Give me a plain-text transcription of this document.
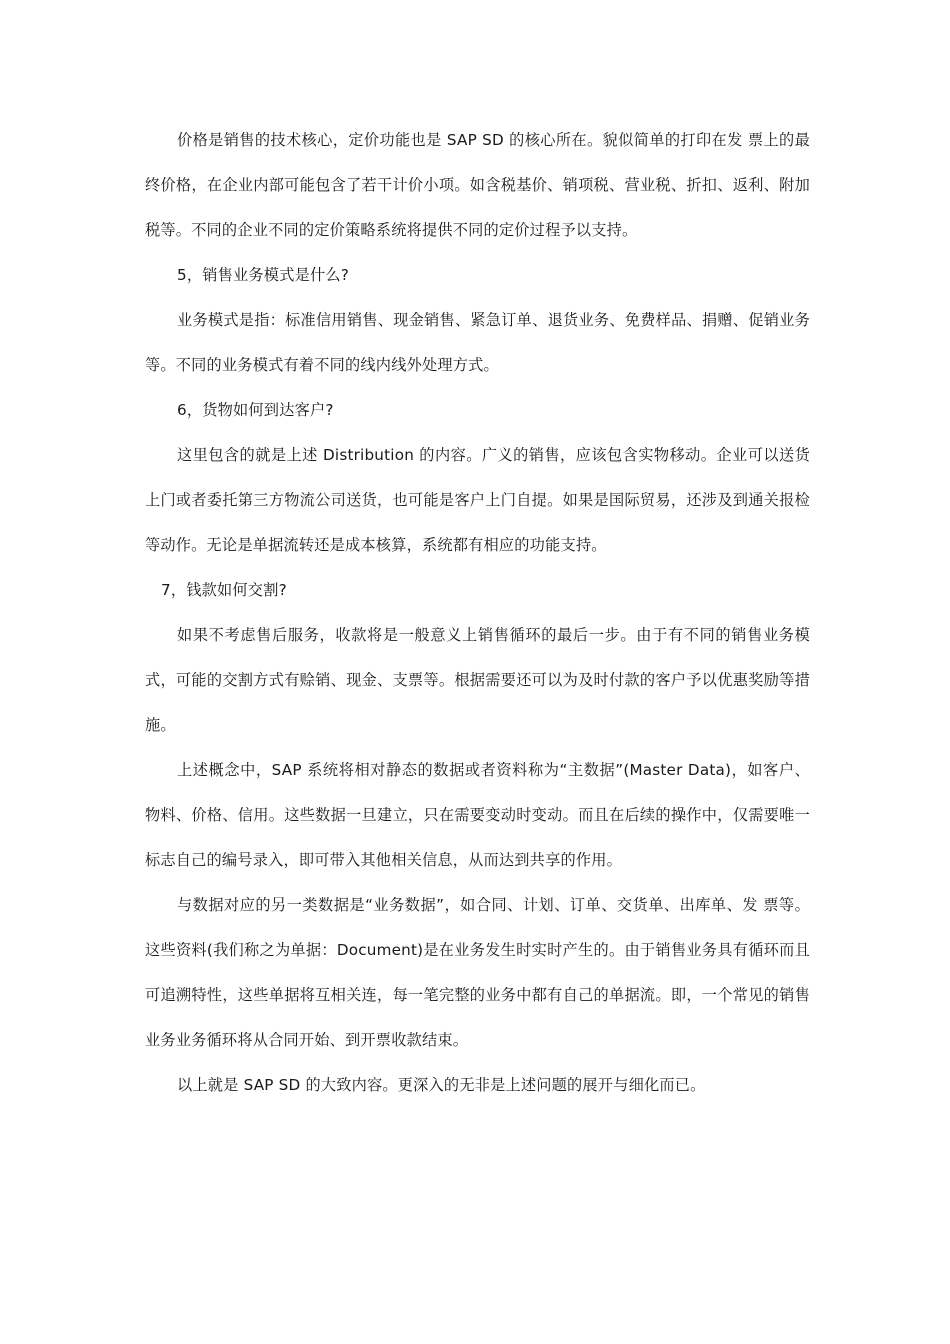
价格是销售的技术核心，定价功能也是 SAP SD 的核心所在。貌似简单的打印在发 票上的最终价格，在企业内部可能包含了若干计价小项。如含税基价、销项税、营业税、折扣、返利、附加税等。不同的企业不同的定价策略系统将提供不同的定价过程予以支持。

5，销售业务模式是什么?

业务模式是指：标准信用销售、现金销售、紧急订单、退货业务、免费样品、捐赠、促销业务等。不同的业务模式有着不同的线内线外处理方式。

6，货物如何到达客户?

这里包含的就是上述 Distribution 的内容。广义的销售，应该包含实物移动。企业可以送货上门或者委托第三方物流公司送货，也可能是客户上门自提。如果是国际贸易，还涉及到通关报检等动作。无论是单据流转还是成本核算，系统都有相应的功能支持。

7，钱款如何交割?

如果不考虑售后服务，收款将是一般意义上销售循环的最后一步。由于有不同的销售业务模式，可能的交割方式有赊销、现金、支票等。根据需要还可以为及时付款的客户予以优惠奖励等措施。

上述概念中，SAP 系统将相对静态的数据或者资料称为“主数据”(Master Data)，如客户、物料、价格、信用。这些数据一旦建立，只在需要变动时变动。而且在后续的操作中，仅需要唯一标志自己的编号录入，即可带入其他相关信息，从而达到共享的作用。

与数据对应的另一类数据是“业务数据”，如合同、计划、订单、交货单、出库单、发 票等。这些资料(我们称之为单据：Document)是在业务发生时实时产生的。由于销售业务具有循环而且可追溯特性，这些单据将互相关连，每一笔完整的业务中都有自己的单据流。即，一个常见的销售业务业务循环将从合同开始、到开票收款结束。

以上就是 SAP SD 的大致内容。更深入的无非是上述问题的展开与细化而已。
